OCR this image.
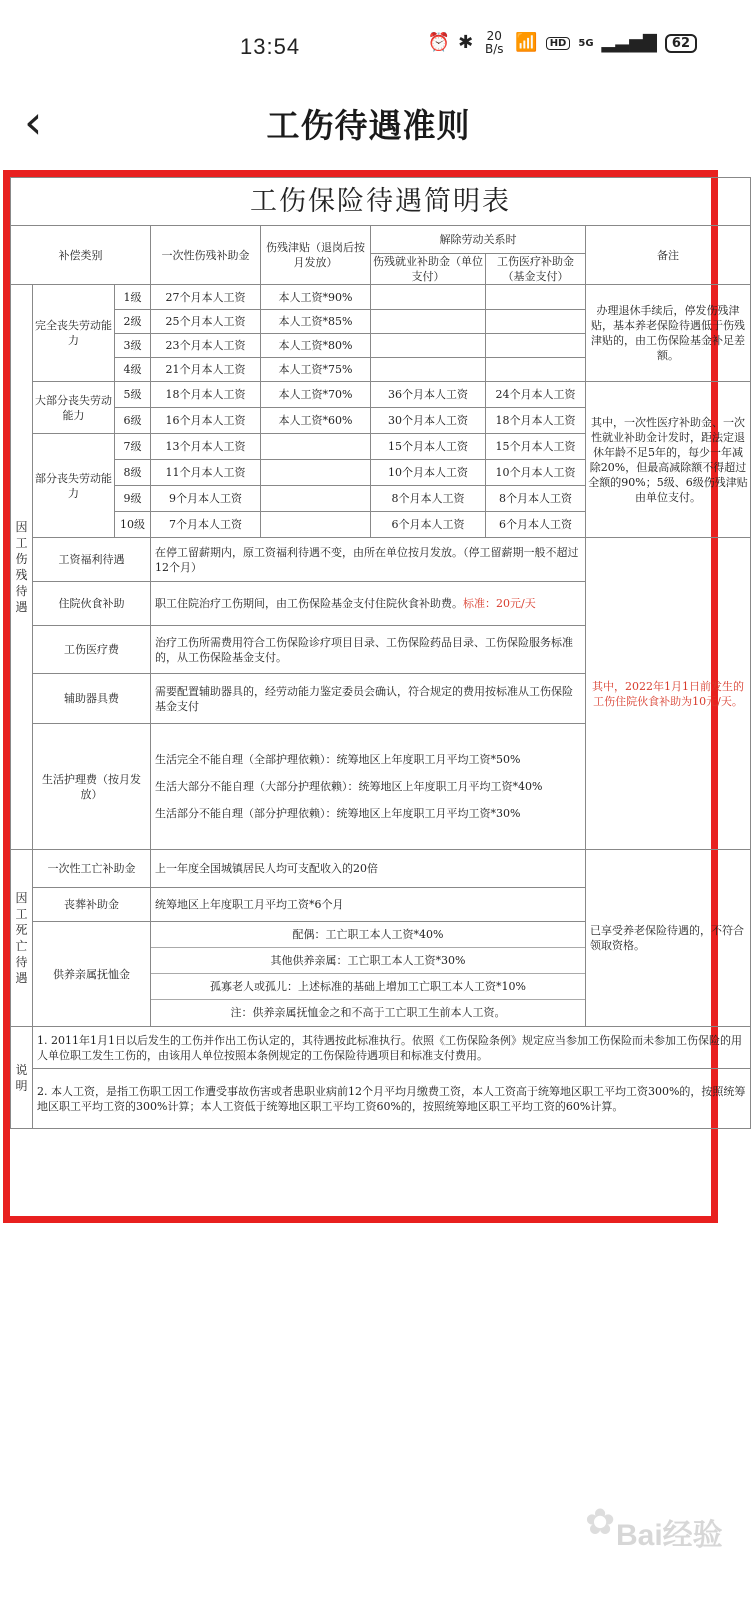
13:54	⏰ ✱	20
B/s 📶	HD	5G ▂▃▅▇	62
‹	工伤待遇准则
工伤保险待遇简明表							
补偿类别			一次性伤残补助金	伤残津贴（退岗后按月发放）	解除劳动关系时		备注
					伤残就业补助金（单位支付）	工伤医疗补助金（基金支付）	
因工伤残待遇	完全丧失劳动能力	1级	27个月本人工资	本人工资*90%			办理退休手续后，停发伤残津贴，基本养老保险待遇低于伤残津贴的，由工伤保险基金补足差额。
		2级	25个月本人工资	本人工资*85%			
		3级	23个月本人工资	本人工资*80%			
		4级	21个月本人工资	本人工资*75%			
	大部分丧失劳动能力	5级	18个月本人工资	本人工资*70%	36个月本人工资	24个月本人工资	其中，一次性医疗补助金、一次性就业补助金计发时，距法定退休年龄不足5年的，每少一年减除20%，但最高减除额不得超过全额的90%；5级、6级伤残津贴由单位支付。
		6级	16个月本人工资	本人工资*60%	30个月本人工资	18个月本人工资	
	部分丧失劳动能力	7级	13个月本人工资		15个月本人工资	15个月本人工资	
		8级	11个月本人工资		10个月本人工资	10个月本人工资	
		9级	9个月本人工资		8个月本人工资	8个月本人工资	
		10级	7个月本人工资		6个月本人工资	6个月本人工资	
	工资福利待遇		在停工留薪期内，原工资福利待遇不变，由所在单位按月发放。（停工留薪期一般不超过12个月）				其中，2022年1月1日前发生的工伤住院伙食补助为10元/天。
	住院伙食补助		职工住院治疗工伤期间，由工伤保险基金支付住院伙食补助费。标准：20元/天				
	工伤医疗费		治疗工伤所需费用符合工伤保险诊疗项目目录、工伤保险药品目录、工伤保险服务标准的，从工伤保险基金支付。				
	辅助器具费		需要配置辅助器具的，经劳动能力鉴定委员会确认，符合规定的费用按标准从工伤保险基金支付				
	生活护理费（按月发放）		生活完全不能自理（全部护理依赖）：统筹地区上年度职工月平均工资*50%
生活大部分不能自理（大部分护理依赖）：统筹地区上年度职工月平均工资*40%
生活部分不能自理（部分护理依赖）：统筹地区上年度职工月平均工资*30%				

因工死亡待遇	一次性工亡补助金		上一年度全国城镇居民人均可支配收入的20倍				已享受养老保险待遇的，不符合领取资格。
	丧葬补助金		统筹地区上年度职工月平均工资*6个月				
	供养亲属抚恤金		配偶：工亡职工本人工资*40%
其他供养亲属：工亡职工本人工资*30%
孤寡老人或孤儿：上述标准的基础上增加工亡职工本人工资*10%
注：供养亲属抚恤金之和不高于工亡职工生前本人工资。				

说明	1. 2011年1月1日以后发生的工伤并作出工伤认定的，其待遇按此标准执行。依照《工伤保险条例》规定应当参加工伤保险而未参加工伤保险的用人单位职工发生工伤的，由该用人单位按照本条例规定的工伤保险待遇项目和标准支付费用。						
	2. 本人工资，是指工伤职工因工作遭受事故伤害或者患职业病前12个月平均月缴费工资，本人工资高于统筹地区职工平均工资300%的，按照统筹地区职工平均工资的300%计算；本人工资低于统筹地区职工平均工资60%的，按照统筹地区职工平均工资的60%计算。						
✿ Bai经验
